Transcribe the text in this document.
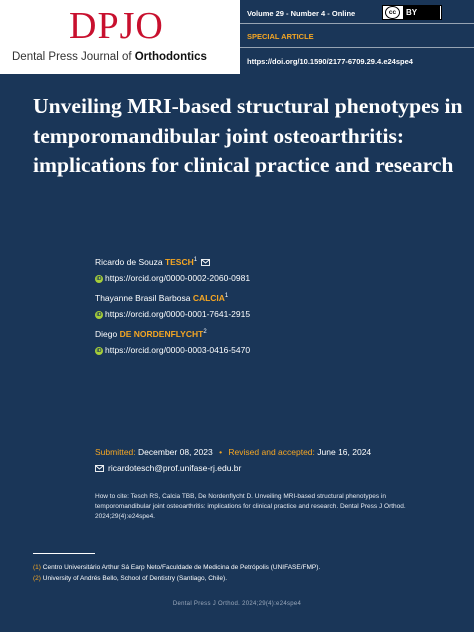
DPJO
Dental Press Journal of Orthodontics
Volume 29 - Number 4 - Online	cc	BY
SPECIAL ARTICLE
https://doi.org/10.1590/2177-6709.29.4.e24spe4
Unveiling MRI-based structural phenotypes in temporomandibular joint osteoarthritis: implications for clinical practice and research
Ricardo de Souza TESCH$^1$
iD https://orcid.org/0000-0002-2060-0981
Thayanne Brasil Barbosa CALCIA$^1$
iD https://orcid.org/0000-0001-7641-2915
Diego DE NORDENFLYCHT$^2$
iD https://orcid.org/0000-0003-0416-5470
Submitted: December 08, 2023 • Revised and accepted: June 16, 2024
ricardotesch@prof.unifase-rj.edu.br

How to cite: Tesch RS, Calcia TBB, De Nordenflycht D. Unveiling MRI-based structural phenotypes in temporomandibular joint osteoarthritis: implications for clinical practice and research. Dental Press J Orthod. 2024;29(4):e24spe4.

(1) Centro Universitário Arthur Sá Earp Neto/Faculdade de Medicina de Petrópolis (UNIFASE/FMP).
(2) University of Andrés Bello, School of Dentistry (Santiago, Chile).
Dental Press J Orthod. 2024;29(4):e24spe4
